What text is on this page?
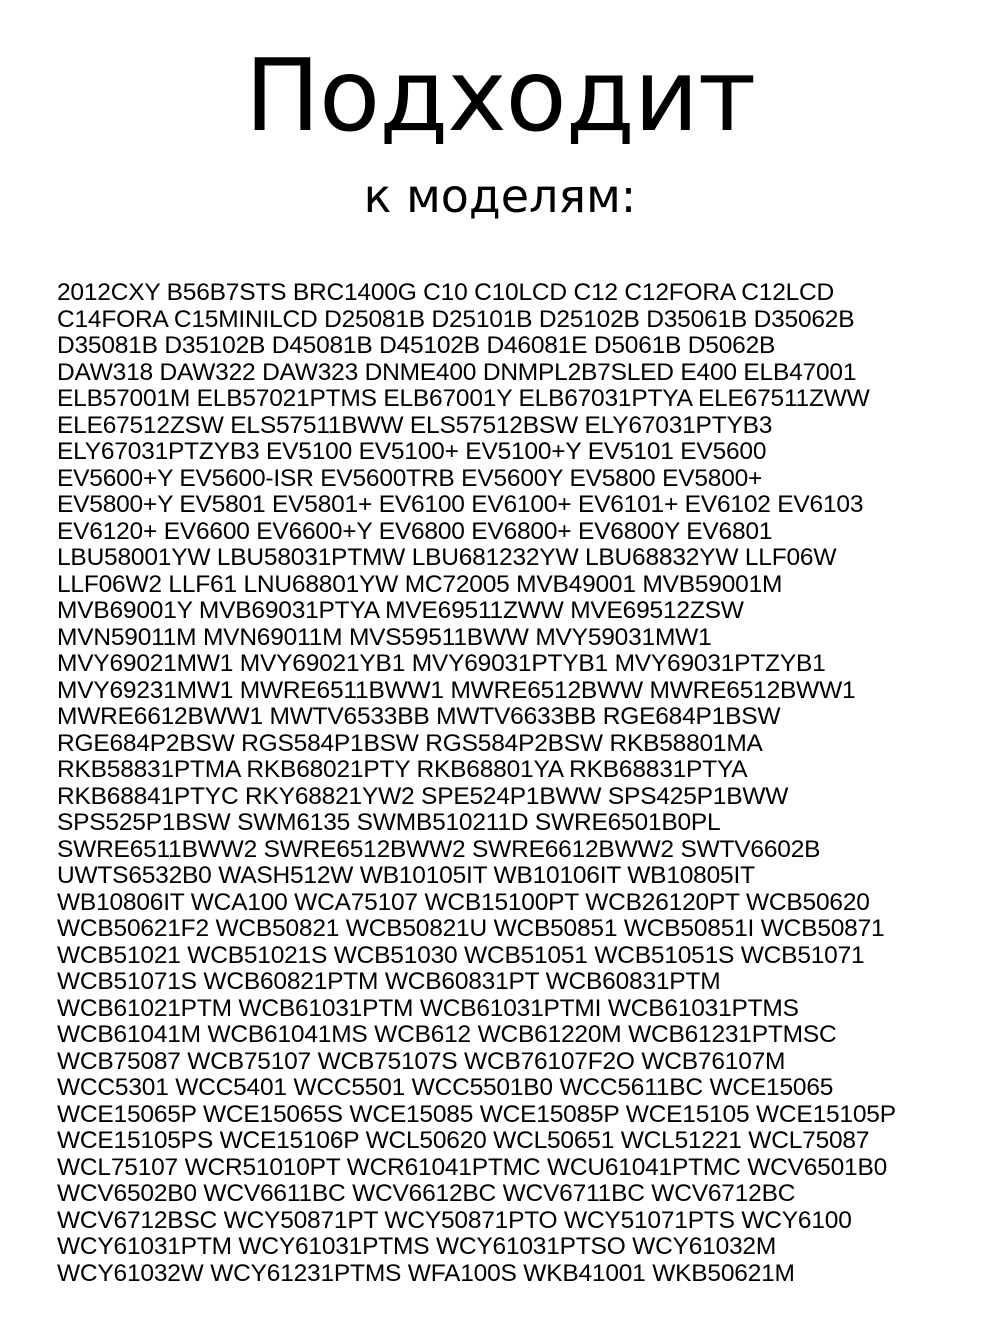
Подходит
к моделям:
2012CXY B56B7STS BRC1400G C10 C10LCD C12 C12FORA C12LCD
C14FORA C15MINILCD D25081B D25101B D25102B D35061B D35062B
D35081B D35102B D45081B D45102B D46081E D5061B D5062B
DAW318 DAW322 DAW323 DNME400 DNMPL2B7SLED E400 ELB47001
ELB57001M ELB57021PTMS ELB67001Y ELB67031PTYA ELE67511ZWW
ELE67512ZSW ELS57511BWW ELS57512BSW ELY67031PTYB3
ELY67031PTZYB3 EV5100 EV5100+ EV5100+Y EV5101 EV5600
EV5600+Y EV5600-ISR EV5600TRB EV5600Y EV5800 EV5800+
EV5800+Y EV5801 EV5801+ EV6100 EV6100+ EV6101+ EV6102 EV6103
EV6120+ EV6600 EV6600+Y EV6800 EV6800+ EV6800Y EV6801
LBU58001YW LBU58031PTMW LBU681232YW LBU68832YW LLF06W
LLF06W2 LLF61 LNU68801YW MC72005 MVB49001 MVB59001M
MVB69001Y MVB69031PTYA MVE69511ZWW MVE69512ZSW
MVN59011M MVN69011M MVS59511BWW MVY59031MW1
MVY69021MW1 MVY69021YB1 MVY69031PTYB1 MVY69031PTZYB1
MVY69231MW1 MWRE6511BWW1 MWRE6512BWW MWRE6512BWW1
MWRE6612BWW1 MWTV6533BB MWTV6633BB RGE684P1BSW
RGE684P2BSW RGS584P1BSW RGS584P2BSW RKB58801MA
RKB58831PTMA RKB68021PTY RKB68801YA RKB68831PTYA
RKB68841PTYC RKY68821YW2 SPE524P1BWW SPS425P1BWW
SPS525P1BSW SWM6135 SWMB510211D SWRE6501B0PL
SWRE6511BWW2 SWRE6512BWW2 SWRE6612BWW2 SWTV6602B
UWTS6532B0 WASH512W WB10105IT WB10106IT WB10805IT
WB10806IT WCA100 WCA75107 WCB15100PT WCB26120PT WCB50620
WCB50621F2 WCB50821 WCB50821U WCB50851 WCB50851I WCB50871
WCB51021 WCB51021S WCB51030 WCB51051 WCB51051S WCB51071
WCB51071S WCB60821PTM WCB60831PT WCB60831PTM
WCB61021PTM WCB61031PTM WCB61031PTMI WCB61031PTMS
WCB61041M WCB61041MS WCB612 WCB61220M WCB61231PTMSC
WCB75087 WCB75107 WCB75107S WCB76107F2O WCB76107M
WCC5301 WCC5401 WCC5501 WCC5501B0 WCC5611BC WCE15065
WCE15065P WCE15065S WCE15085 WCE15085P WCE15105 WCE15105P
WCE15105PS WCE15106P WCL50620 WCL50651 WCL51221 WCL75087
WCL75107 WCR51010PT WCR61041PTMC WCU61041PTMC WCV6501B0
WCV6502B0 WCV6611BC WCV6612BC WCV6711BC WCV6712BC
WCV6712BSC WCY50871PT WCY50871PTO WCY51071PTS WCY6100
WCY61031PTM WCY61031PTMS WCY61031PTSO WCY61032M
WCY61032W WCY61231PTMS WFA100S WKB41001 WKB50621M
